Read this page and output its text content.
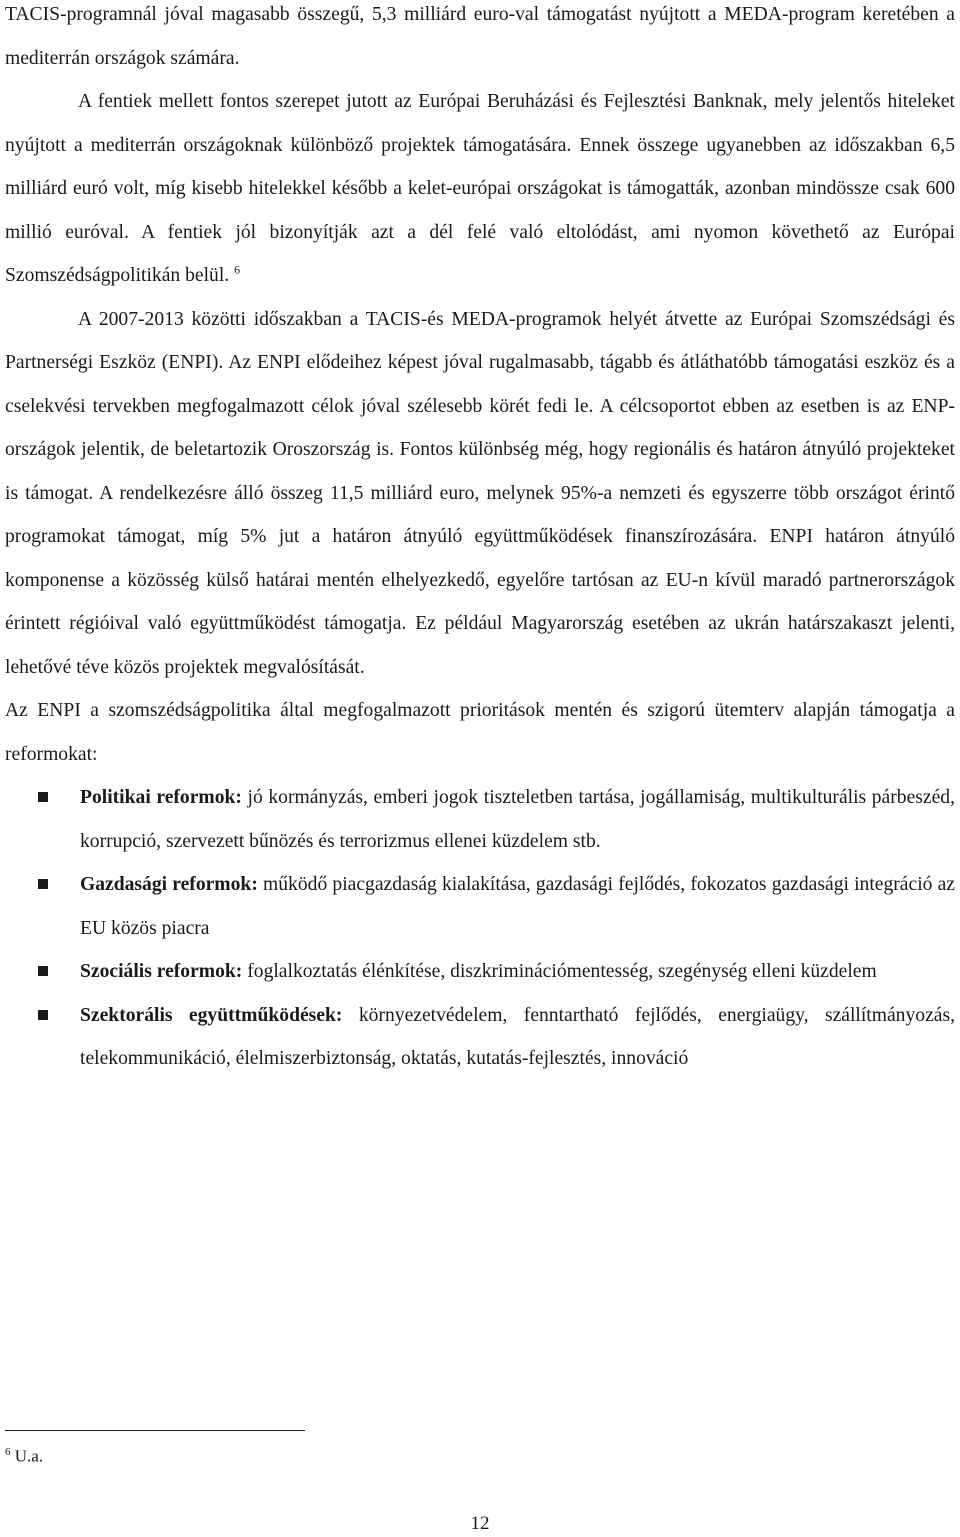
TACIS-programnál jóval magasabb összegű, 5,3 milliárd euro-val támogatást nyújtott a MEDA-program keretében a mediterrán országok számára.

A fentiek mellett fontos szerepet jutott az Európai Beruházási és Fejlesztési Banknak, mely jelentős hiteleket nyújtott a mediterrán országoknak különböző projektek támogatására. Ennek összege ugyanebben az időszakban 6,5 milliárd euró volt, míg kisebb hitelekkel később a kelet-európai országokat is támogatták, azonban mindössze csak 600 millió euróval. A fentiek jól bizonyítják azt a dél felé való eltolódást, ami nyomon követhető az Európai Szomszédságpolitikán belül. $^6$

A 2007-2013 közötti időszakban a TACIS-és MEDA-programok helyét átvette az Európai Szomszédsági és Partnerségi Eszköz (ENPI). Az ENPI elődeihez képest jóval rugalmasabb, tágabb és átláthatóbb támogatási eszköz és a cselekvési tervekben megfogalmazott célok jóval szélesebb körét fedi le. A célcsoportot ebben az esetben is az ENP-országok jelentik, de beletartozik Oroszország is. Fontos különbség még, hogy regionális és határon átnyúló projekteket is támogat. A rendelkezésre álló összeg 11,5 milliárd euro, melynek 95%-a nemzeti és egyszerre több országot érintő programokat támogat, míg 5% jut a határon átnyúló együttműködések finanszírozására. ENPI határon átnyúló komponense a közösség külső határai mentén elhelyezkedő, egyelőre tartósan az EU-n kívül maradó partnerországok érintett régióival való együttműködést támogatja. Ez például Magyarország esetében az ukrán határszakaszt jelenti, lehetővé téve közös projektek megvalósítását.

Az ENPI a szomszédságpolitika által megfogalmazott prioritások mentén és szigorú ütemterv alapján támogatja a reformokat:

Politikai reformok: jó kormányzás, emberi jogok tiszteletben tartása, jogállamiság, multikulturális párbeszéd, korrupció, szervezett bűnözés és terrorizmus ellenei küzdelem stb.
Gazdasági reformok: működő piacgazdaság kialakítása, gazdasági fejlődés, fokozatos gazdasági integráció az EU közös piacra
Szociális reformok: foglalkoztatás élénkítése, diszkriminációmentesség, szegénység elleni küzdelem
Szektorális együttműködések: környezetvédelem, fenntartható fejlődés, energiaügy, szállítmányozás, telekommunikáció, élelmiszerbiztonság, oktatás, kutatás-fejlesztés, innováció

$^6$ U.a.

12
